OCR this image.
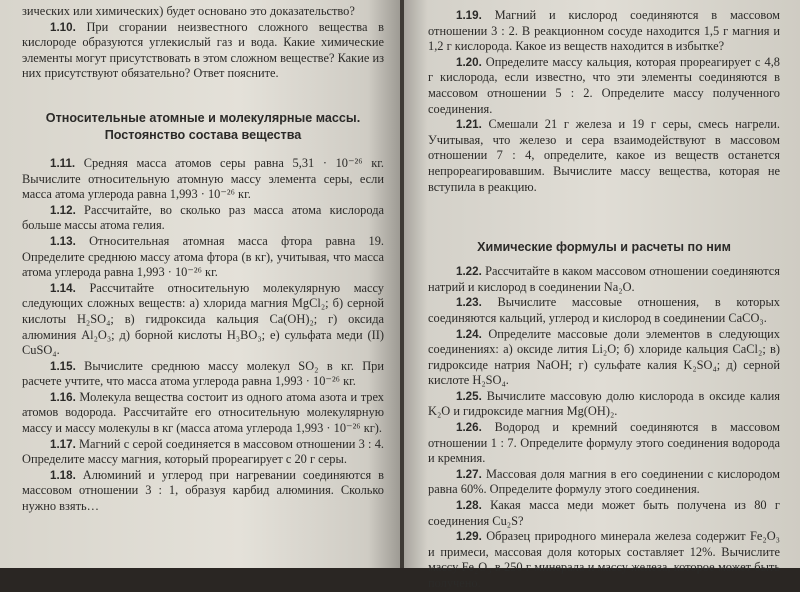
зических или химических) будет основано это доказательство?

1.10. При сгорании неизвестного сложного вещества в кислороде образуются углекислый газ и вода. Какие химические элементы могут присутствовать в этом сложном веществе? Какие из них присутствуют обязательно? Ответ поясните.

Относительные атомные и молекулярные массы. Постоянство состава вещества

1.11. Средняя масса атомов серы равна 5,31 · 10⁻²⁶ кг. Вычислите относительную атомную массу элемента серы, если масса атома углерода равна 1,993 · 10⁻²⁶ кг.

1.12. Рассчитайте, во сколько раз масса атома кислорода больше массы атома гелия.

1.13. Относительная атомная масса фтора равна 19. Определите среднюю массу атома фтора (в кг), учитывая, что масса атома углерода равна 1,993 · 10⁻²⁶ кг.

1.14. Рассчитайте относительную молекулярную массу следующих сложных веществ: а) хлорида магния MgCl₂; б) серной кислоты H₂SO₄; в) гидроксида кальция Ca(OH)₂; г) оксида алюминия Al₂O₃; д) борной кислоты H₃BO₃; е) сульфата меди (II) CuSO₄.

1.15. Вычислите среднюю массу молекул SO₂ в кг. При расчете учтите, что масса атома углерода равна 1,993 · 10⁻²⁶ кг.

1.16. Молекула вещества состоит из одного атома азота и трех атомов водорода. Рассчитайте его относительную молекулярную массу и массу молекулы в кг (масса атома углерода 1,993 · 10⁻²⁶ кг).

1.17. Магний с серой соединяется в массовом отношении 3 : 4. Определите массу магния, который прореагирует с 20 г серы.

1.18. Алюминий и углерод при нагревании соединяются в массовом отношении 3 : 1, образуя карбид алюминия. Сколько нужно взять…

1.19. Магний и кислород соединяются в массовом отношении 3 : 2. В реакционном сосуде находится 1,5 г магния и 1,2 г кислорода. Какое из веществ находится в избытке?

1.20. Определите массу кальция, которая прореагирует с 4,8 г кислорода, если известно, что эти элементы соединяются в массовом отношении 5 : 2. Определите массу полученного соединения.

1.21. Смешали 21 г железа и 19 г серы, смесь нагрели. Учитывая, что железо и сера взаимодействуют в массовом отношении 7 : 4, определите, какое из веществ останется непрореагировавшим. Вычислите массу вещества, которая не вступила в реакцию.

Химические формулы и расчеты по ним

1.22. Рассчитайте в каком массовом отношении соединяются натрий и кислород в соединении Na₂O.

1.23. Вычислите массовые отношения, в которых соединяются кальций, углерод и кислород в соединении CaCO₃.

1.24. Определите массовые доли элементов в следующих соединениях: а) оксиде лития Li₂O; б) хлориде кальция CaCl₂; в) гидроксиде натрия NaOH; г) сульфате калия K₂SO₄; д) серной кислоте H₂SO₄.

1.25. Вычислите массовую долю кислорода в оксиде калия K₂O и гидроксиде магния Mg(OH)₂.

1.26. Водород и кремний соединяются в массовом отношении 1 : 7. Определите формулу этого соединения водорода и кремния.

1.27. Массовая доля магния в его соединении с кислородом равна 60%. Определите формулу этого соединения.

1.28. Какая масса меди может быть получена из 80 г соединения Cu₂S?

1.29. Образец природного минерала железа содержит Fe₂O₃ и примеси, массовая доля которых составляет 12%. Вычислите массу Fe₂O₃ в 250 г минерала и массу железа, которое может быть получено.
